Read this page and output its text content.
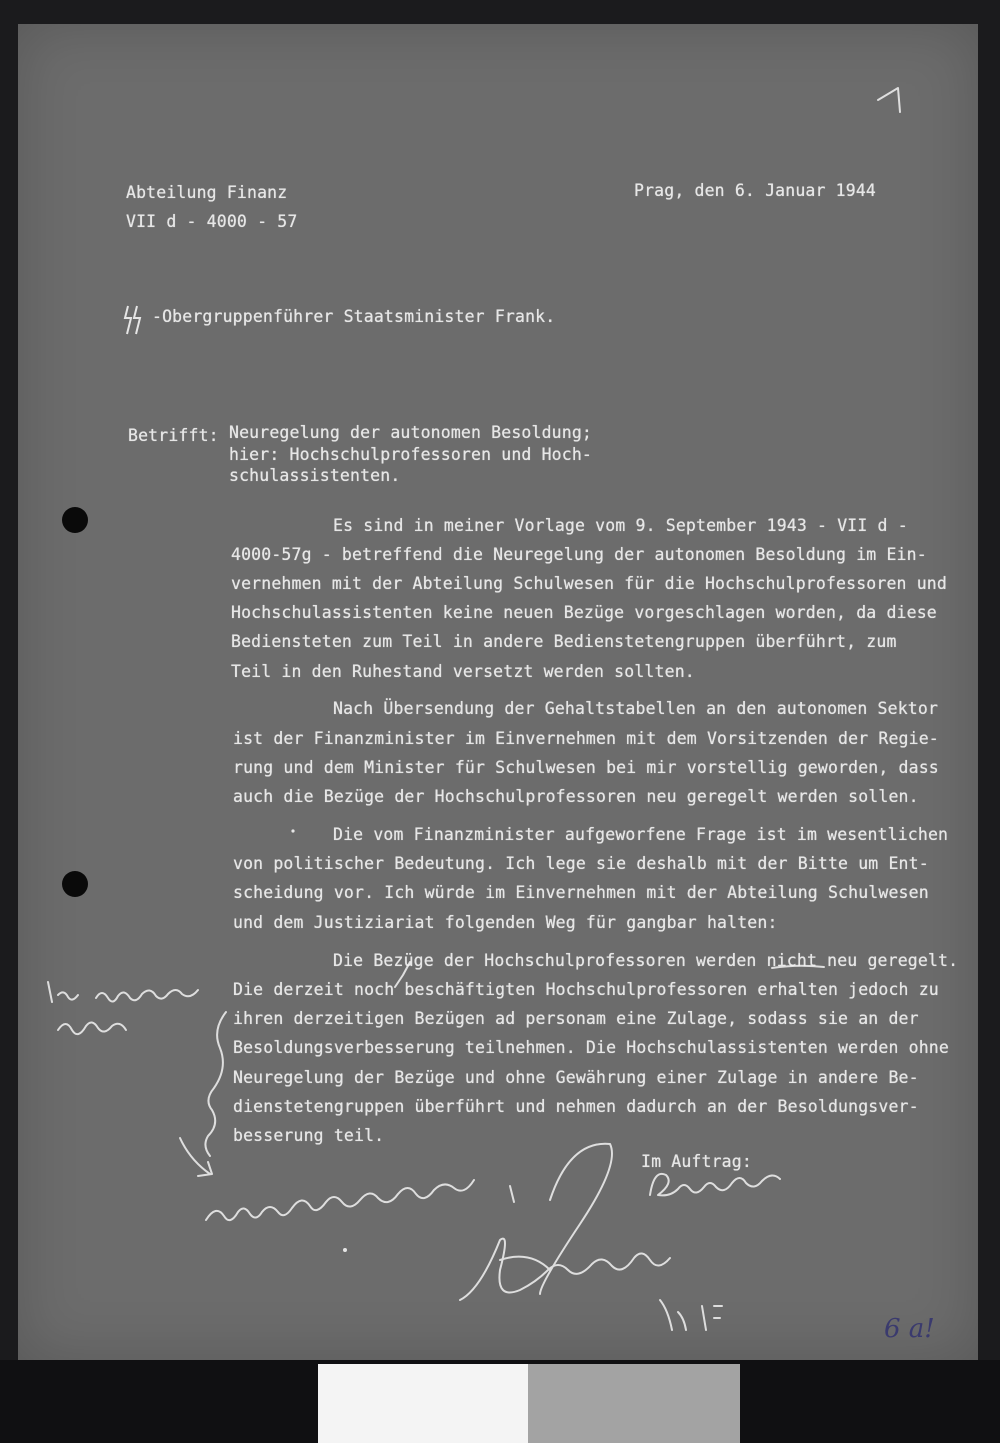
Abteilung Finanz
VII d - 4000 - 57
Prag, den 6. Januar 1944
-Obergruppenführer Staatsminister Frank.
Betrifft: Neuregelung der autonomen Besoldung;
hier: Hochschulprofessoren und Hoch-
schulassistenten.
Es sind in meiner Vorlage vom 9. September 1943 - VII d -
4000-57g - betreffend die Neuregelung der autonomen Besoldung im Ein-
vernehmen mit der Abteilung Schulwesen für die Hochschulprofessoren und
Hochschulassistenten keine neuen Bezüge vorgeschlagen worden, da diese
Bediensteten zum Teil in andere Bedienstetengruppen überführt, zum
Teil in den Ruhestand versetzt werden sollten.
Nach Übersendung der Gehaltstabellen an den autonomen Sektor
ist der Finanzminister im Einvernehmen mit dem Vorsitzenden der Regie-
rung und dem Minister für Schulwesen bei mir vorstellig geworden, dass
auch die Bezüge der Hochschulprofessoren neu geregelt werden sollen.
Die vom Finanzminister aufgeworfene Frage ist im wesentlichen
von politischer Bedeutung. Ich lege sie deshalb mit der Bitte um Ent-
scheidung vor. Ich würde im Einvernehmen mit der Abteilung Schulwesen
und dem Justiziariat folgenden Weg für gangbar halten:
Die Bezüge der Hochschulprofessoren werden nicht neu geregelt.
Die derzeit noch beschäftigten Hochschulprofessoren erhalten jedoch zu
ihren derzeitigen Bezügen ad personam eine Zulage, sodass sie an der
Besoldungsverbesserung teilnehmen. Die Hochschulassistenten werden ohne
Neuregelung der Bezüge und ohne Gewährung einer Zulage in andere Be-
dienstetengruppen überführt und nehmen dadurch an der Besoldungsver-
besserung teil.
Im Auftrag:
6 a!
